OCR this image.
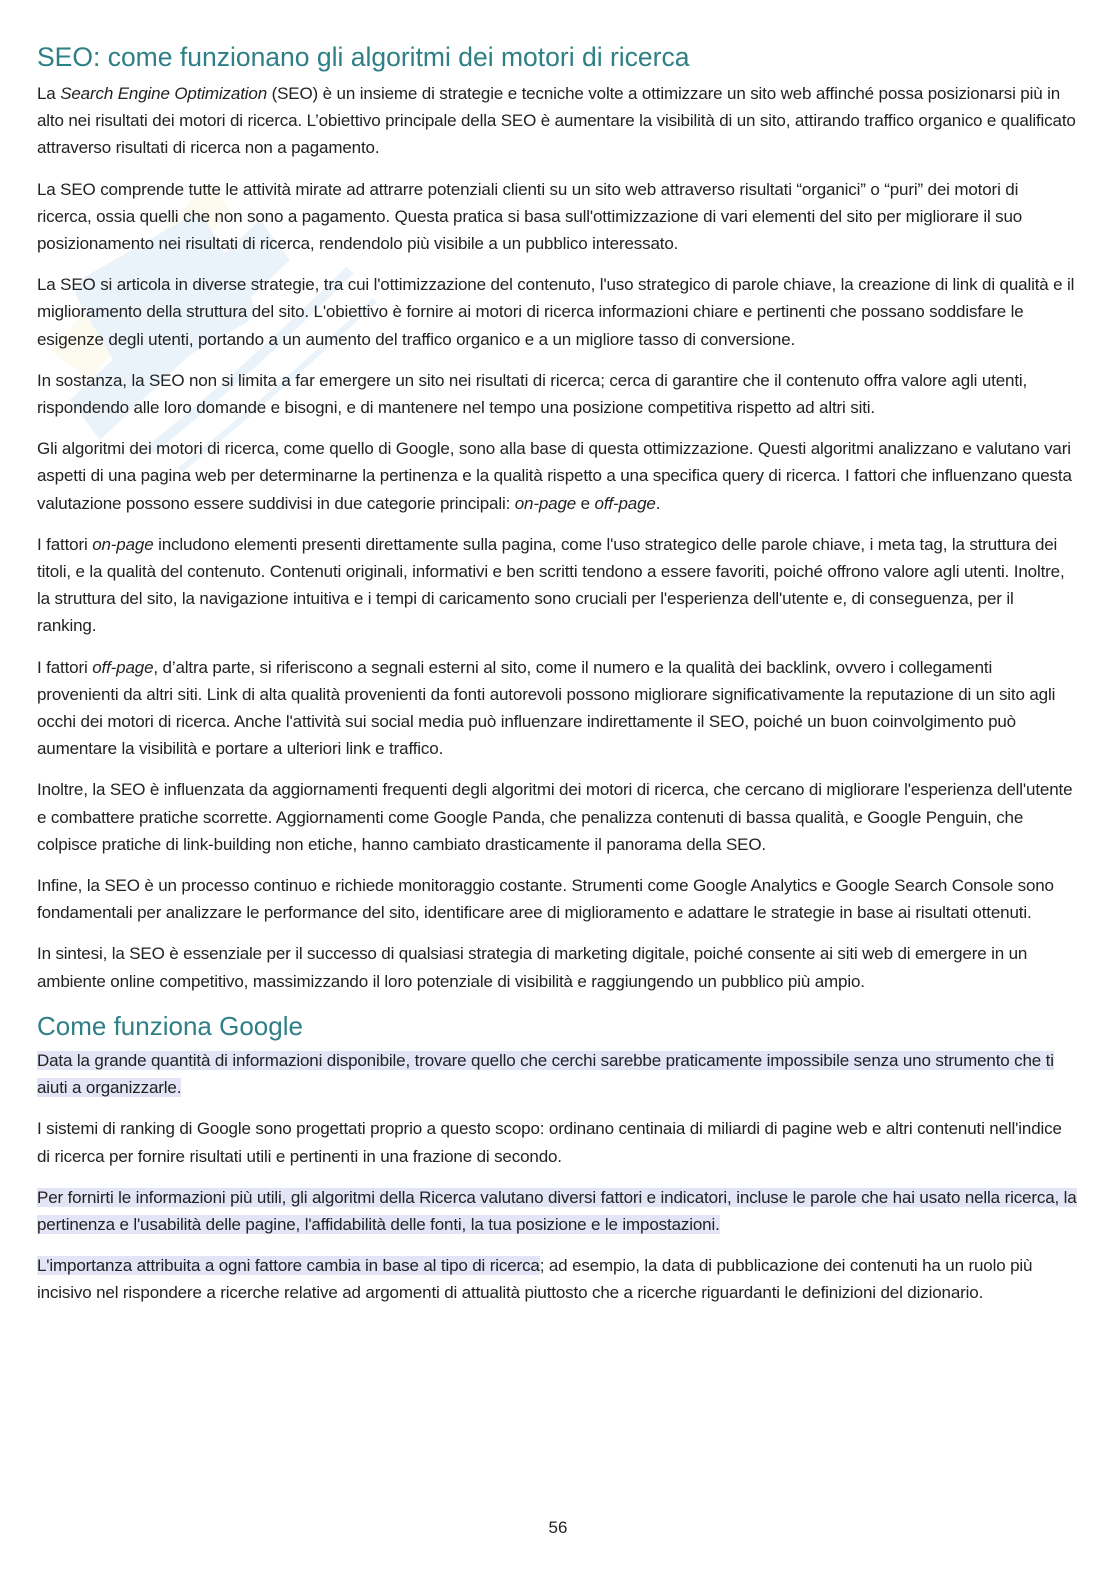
SEO: come funzionano gli algoritmi dei motori di ricerca

La Search Engine Optimization (SEO) è un insieme di strategie e tecniche volte a ottimizzare un sito web affinché possa posizionarsi più in alto nei risultati dei motori di ricerca. L’obiettivo principale della SEO è aumentare la visibilità di un sito, attirando traffico organico e qualificato attraverso risultati di ricerca non a pagamento.

La SEO comprende tutte le attività mirate ad attrarre potenziali clienti su un sito web attraverso risultati “organici” o “puri” dei motori di ricerca, ossia quelli che non sono a pagamento. Questa pratica si basa sull'ottimizzazione di vari elementi del sito per migliorare il suo posizionamento nei risultati di ricerca, rendendolo più visibile a un pubblico interessato.

La SEO si articola in diverse strategie, tra cui l'ottimizzazione del contenuto, l'uso strategico di parole chiave, la creazione di link di qualità e il miglioramento della struttura del sito. L'obiettivo è fornire ai motori di ricerca informazioni chiare e pertinenti che possano soddisfare le esigenze degli utenti, portando a un aumento del traffico organico e a un migliore tasso di conversione.

In sostanza, la SEO non si limita a far emergere un sito nei risultati di ricerca; cerca di garantire che il contenuto offra valore agli utenti, rispondendo alle loro domande e bisogni, e di mantenere nel tempo una posizione competitiva rispetto ad altri siti.

Gli algoritmi dei motori di ricerca, come quello di Google, sono alla base di questa ottimizzazione. Questi algoritmi analizzano e valutano vari aspetti di una pagina web per determinarne la pertinenza e la qualità rispetto a una specifica query di ricerca. I fattori che influenzano questa valutazione possono essere suddivisi in due categorie principali: on-page e off-page.

I fattori on-page includono elementi presenti direttamente sulla pagina, come l'uso strategico delle parole chiave, i meta tag, la struttura dei titoli, e la qualità del contenuto. Contenuti originali, informativi e ben scritti tendono a essere favoriti, poiché offrono valore agli utenti. Inoltre, la struttura del sito, la navigazione intuitiva e i tempi di caricamento sono cruciali per l'esperienza dell'utente e, di conseguenza, per il ranking.

I fattori off-page, d’altra parte, si riferiscono a segnali esterni al sito, come il numero e la qualità dei backlink, ovvero i collegamenti provenienti da altri siti. Link di alta qualità provenienti da fonti autorevoli possono migliorare significativamente la reputazione di un sito agli occhi dei motori di ricerca. Anche l'attività sui social media può influenzare indirettamente il SEO, poiché un buon coinvolgimento può aumentare la visibilità e portare a ulteriori link e traffico.

Inoltre, la SEO è influenzata da aggiornamenti frequenti degli algoritmi dei motori di ricerca, che cercano di migliorare l'esperienza dell'utente e combattere pratiche scorrette. Aggiornamenti come Google Panda, che penalizza contenuti di bassa qualità, e Google Penguin, che colpisce pratiche di link-building non etiche, hanno cambiato drasticamente il panorama della SEO.

Infine, la SEO è un processo continuo e richiede monitoraggio costante. Strumenti come Google Analytics e Google Search Console sono fondamentali per analizzare le performance del sito, identificare aree di miglioramento e adattare le strategie in base ai risultati ottenuti.

In sintesi, la SEO è essenziale per il successo di qualsiasi strategia di marketing digitale, poiché consente ai siti web di emergere in un ambiente online competitivo, massimizzando il loro potenziale di visibilità e raggiungendo un pubblico più ampio.

Come funziona Google

Data la grande quantità di informazioni disponibile, trovare quello che cerchi sarebbe praticamente impossibile senza uno strumento che ti aiuti a organizzarle.

I sistemi di ranking di Google sono progettati proprio a questo scopo: ordinano centinaia di miliardi di pagine web e altri contenuti nell'indice di ricerca per fornire risultati utili e pertinenti in una frazione di secondo.

Per fornirti le informazioni più utili, gli algoritmi della Ricerca valutano diversi fattori e indicatori, incluse le parole che hai usato nella ricerca, la pertinenza e l'usabilità delle pagine, l'affidabilità delle fonti, la tua posizione e le impostazioni.

L'importanza attribuita a ogni fattore cambia in base al tipo di ricerca; ad esempio, la data di pubblicazione dei contenuti ha un ruolo più incisivo nel rispondere a ricerche relative ad argomenti di attualità piuttosto che a ricerche riguardanti le definizioni del dizionario.

56
